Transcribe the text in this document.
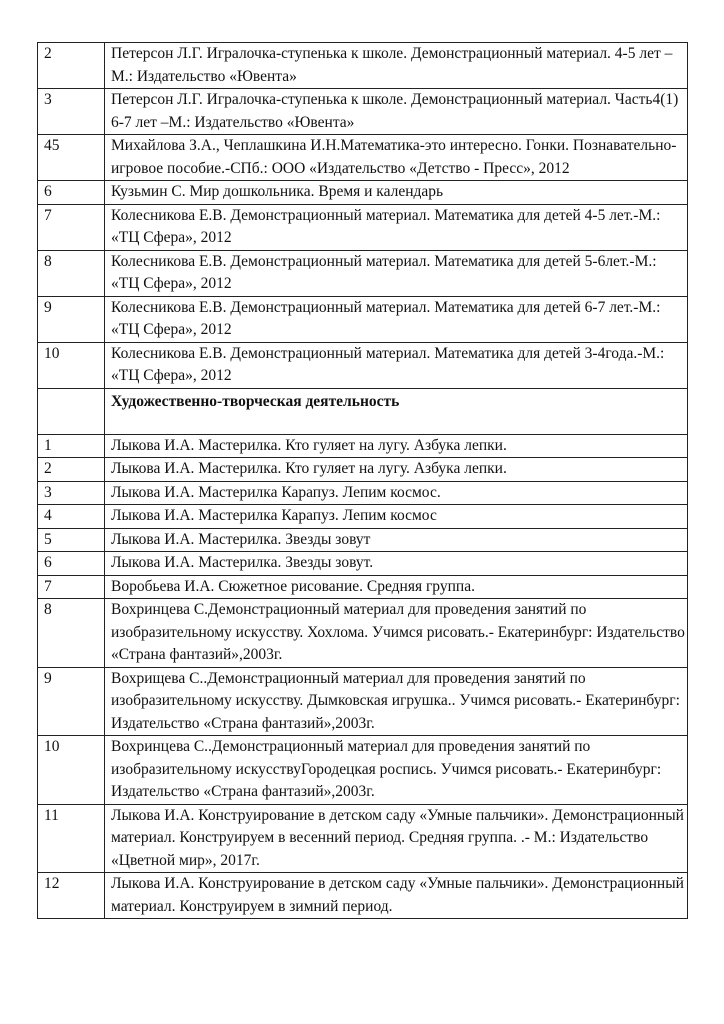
2	Петерсон Л.Г. Игралочка-ступенька к школе. Демонстрационный материал. 4-5 лет –М.: Издательство «Ювента»
3	Петерсон Л.Г. Игралочка-ступенька к школе. Демонстрационный материал. Часть4(1) 6-7 лет –М.: Издательство «Ювента»
45	Михайлова З.А., Чеплашкина И.Н.Математика-это интересно. Гонки. Познавательно-игровое пособие.-СПб.: ООО «Издательство «Детство - Пресс», 2012
6	Кузьмин С. Мир дошкольника. Время и календарь
7	Колесникова Е.В. Демонстрационный материал. Математика для детей 4-5 лет.-М.: «ТЦ Сфера», 2012
8	Колесникова Е.В. Демонстрационный материал. Математика для детей 5-6лет.-М.: «ТЦ Сфера», 2012
9	Колесникова Е.В. Демонстрационный материал. Математика для детей 6-7 лет.-М.: «ТЦ Сфера», 2012
10	Колесникова Е.В. Демонстрационный материал. Математика для детей 3-4года.-М.: «ТЦ Сфера», 2012
	Художественно-творческая деятельность
1	Лыкова И.А. Мастерилка. Кто гуляет на лугу. Азбука лепки.
2	Лыкова И.А. Мастерилка. Кто гуляет на лугу. Азбука лепки.
3	Лыкова И.А. Мастерилка Карапуз. Лепим космос.
4	Лыкова И.А. Мастерилка Карапуз. Лепим космос
5	Лыкова И.А. Мастерилка. Звезды зовут
6	Лыкова И.А. Мастерилка. Звезды зовут.
7	Воробьева И.А. Сюжетное рисование. Средняя группа.
8	Вохринцева С.Демонстрационный материал для проведения занятий по изобразительному искусству. Хохлома. Учимся рисовать.- Екатеринбург: Издательство «Страна фантазий»,2003г.
9	Вохрищева С..Демонстрационный материал для проведения занятий по изобразительному искусству. Дымковская игрушка.. Учимся рисовать.- Екатеринбург: Издательство «Страна фантазий»,2003г.
10	Вохринцева С..Демонстрационный материал для проведения занятий по изобразительному искусствуГородецкая роспись. Учимся рисовать.- Екатеринбург: Издательство «Страна фантазий»,2003г.
11	Лыкова И.А. Конструирование в детском саду «Умные пальчики». Демонстрационный материал. Конструируем в весенний период. Средняя группа. .- М.: Издательство «Цветной мир», 2017г.
12	Лыкова И.А. Конструирование в детском саду «Умные пальчики». Демонстрационный материал. Конструируем в зимний период.
